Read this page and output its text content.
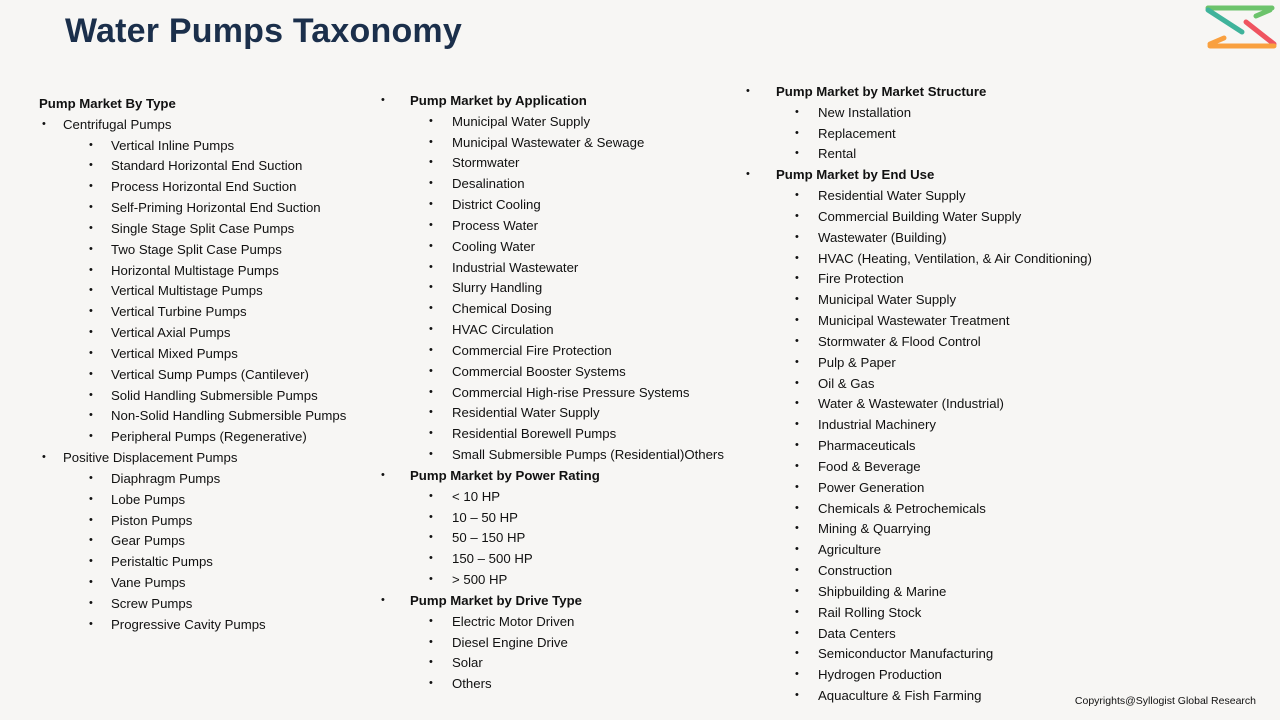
Water Pumps Taxonomy
Pump Market By Type
• Centrifugal Pumps
• Vertical Inline Pumps
• Standard Horizontal End Suction
• Process Horizontal End Suction
• Self-Priming Horizontal End Suction
• Single Stage Split Case Pumps
• Two Stage Split Case Pumps
• Horizontal Multistage Pumps
• Vertical Multistage Pumps
• Vertical Turbine Pumps
• Vertical Axial Pumps
• Vertical Mixed Pumps
• Vertical Sump Pumps (Cantilever)
• Solid Handling Submersible Pumps
• Non-Solid Handling Submersible Pumps
• Peripheral Pumps (Regenerative)
• Positive Displacement Pumps
• Diaphragm Pumps
• Lobe Pumps
• Piston Pumps
• Gear Pumps
• Peristaltic Pumps
• Vane Pumps
• Screw Pumps
• Progressive Cavity Pumps
• Pump Market by Application
• Municipal Water Supply
• Municipal Wastewater & Sewage
• Stormwater
• Desalination
• District Cooling
• Process Water
• Cooling Water
• Industrial Wastewater
• Slurry Handling
• Chemical Dosing
• HVAC Circulation
• Commercial Fire Protection
• Commercial Booster Systems
• Commercial High-rise Pressure Systems
• Residential Water Supply
• Residential Borewell Pumps
• Small Submersible Pumps (Residential)Others
• Pump Market by Power Rating
• < 10 HP
• 10 – 50 HP
• 50 – 150 HP
• 150 – 500 HP
• > 500 HP
• Pump Market by Drive Type
• Electric Motor Driven
• Diesel Engine Drive
• Solar
• Others
• Pump Market by Market Structure
• New Installation
• Replacement
• Rental
• Pump Market by End Use
• Residential Water Supply
• Commercial Building Water Supply
• Wastewater (Building)
• HVAC (Heating, Ventilation, & Air Conditioning)
• Fire Protection
• Municipal Water Supply
• Municipal Wastewater Treatment
• Stormwater & Flood Control
• Pulp & Paper
• Oil & Gas
• Water & Wastewater (Industrial)
• Industrial Machinery
• Pharmaceuticals
• Food & Beverage
• Power Generation
• Chemicals & Petrochemicals
• Mining & Quarrying
• Agriculture
• Construction
• Shipbuilding & Marine
• Rail Rolling Stock
• Data Centers
• Semiconductor Manufacturing
• Hydrogen Production
• Aquaculture & Fish Farming	Copyrights@Syllogist Global Research
